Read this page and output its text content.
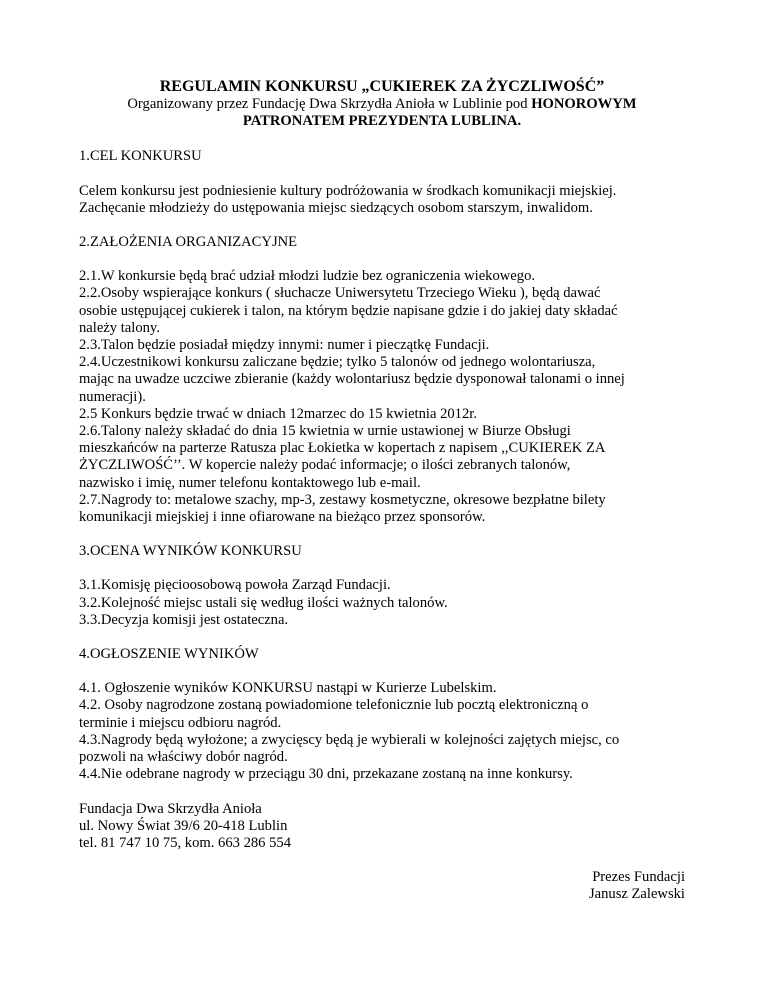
REGULAMIN KONKURSU „CUKIEREK ZA ŻYCZLIWOŚĆ”

Organizowany przez Fundację Dwa Skrzydła Anioła w Lublinie pod HONOROWYM PATRONATEM PREZYDENTA LUBLINA.

1.CEL KONKURSU

Celem konkursu jest podniesienie kultury podróżowania w środkach komunikacji miejskiej.

Zachęcanie młodzieży do ustępowania miejsc siedzących osobom starszym, inwalidom.

2.ZAŁOŻENIA ORGANIZACYJNE

2.1.W konkursie będą brać udział młodzi ludzie bez ograniczenia wiekowego.

2.2.Osoby wspierające konkurs ( słuchacze Uniwersytetu Trzeciego Wieku ), będą dawać

osobie ustępującej cukierek i talon, na którym będzie napisane gdzie i do jakiej daty składać

należy talony.

2.3.Talon będzie posiadał między innymi: numer i pieczątkę Fundacji.

2.4.Uczestnikowi konkursu zaliczane będzie; tylko 5 talonów od jednego wolontariusza,

mając na uwadze uczciwe zbieranie (każdy wolontariusz będzie dysponował talonami o innej

numeracji).

2.5 Konkurs będzie trwać w dniach 12marzec do 15 kwietnia 2012r.

2.6.Talony należy składać do dnia 15 kwietnia w urnie ustawionej w Biurze Obsługi

mieszkańców na parterze Ratusza plac Łokietka w kopertach z napisem ,,CUKIEREK ZA

ŻYCZLIWOŚĆ’’. W kopercie należy podać informacje; o ilości zebranych talonów,

nazwisko i imię, numer telefonu kontaktowego lub e-mail.

2.7.Nagrody to: metalowe szachy, mp-3, zestawy kosmetyczne, okresowe bezpłatne bilety

komunikacji miejskiej i inne ofiarowane na bieżąco przez sponsorów.

3.OCENA WYNIKÓW KONKURSU

3.1.Komisję pięcioosobową powoła Zarząd Fundacji.

3.2.Kolejność miejsc ustali się według ilości ważnych talonów.

3.3.Decyzja komisji jest ostateczna.

4.OGŁOSZENIE WYNIKÓW

4.1. Ogłoszenie wyników KONKURSU nastąpi w Kurierze Lubelskim.

4.2. Osoby nagrodzone zostaną powiadomione telefonicznie lub pocztą elektroniczną o

terminie i miejscu odbioru nagród.

4.3.Nagrody będą wyłożone; a zwycięscy będą je wybierali w kolejności zajętych miejsc, co

pozwoli na właściwy dobór nagród.

4.4.Nie odebrane nagrody w przeciągu 30 dni, przekazane zostaną na inne konkursy.

Fundacja Dwa Skrzydła Anioła

ul. Nowy Świat 39/6 20-418 Lublin

tel. 81 747 10 75, kom. 663 286 554

Prezes Fundacji
Janusz Zalewski
